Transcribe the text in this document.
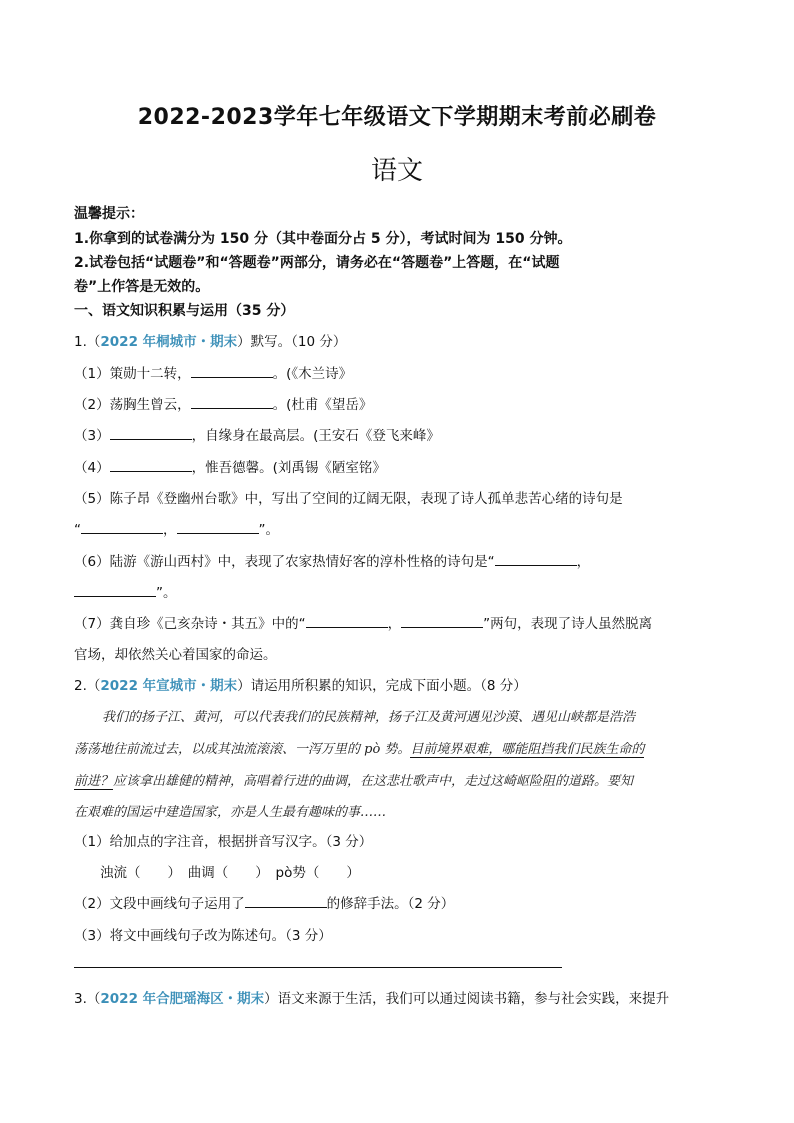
2022-2023学年七年级语文下学期期末考前必刷卷
语文
温馨提示：
1.你拿到的试卷满分为 150 分（其中卷面分占 5 分），考试时间为 150 分钟。
2.试卷包括“试题卷”和“答题卷”两部分，请务必在“答题卷”上答题，在“试题
卷”上作答是无效的。
一、语文知识积累与运用（35 分）
1.（2022 年桐城市・期末）默写。（10 分）
（1）策勋十二转，	。(《木兰诗》
（2）荡胸生曾云，	。(杜甫《望岳》
（3）	，自缘身在最高层。(王安石《登飞来峰》
（4）	，惟吾德馨。(刘禹锡《陋室铭》
（5）陈子昂《登幽州台歌》中，写出了空间的辽阔无限，表现了诗人孤单悲苦心绪的诗句是
“	，	”。
（6）陆游《游山西村》中，表现了农家热情好客的淳朴性格的诗句是“	，
”。
（7）龚自珍《己亥杂诗・其五》中的“	，	”两句，表现了诗人虽然脱离
官场，却依然关心着国家的命运。
2.（2022 年宣城市・期末）请运用所积累的知识，完成下面小题。（8 分）
我们的扬子江、黄河，可以代表我们的民族精神，扬子江及黄河遇见沙漠、遇见山峡都是浩浩
荡荡地往前流过去，以成其浊流滚滚、一泻万里的 pò 势。目前境界艰难，哪能阻挡我们民族生命的
前进？应该拿出雄健的精神，高唱着行进的曲调，在这悲壮歌声中，走过这崎岖险阻的道路。要知
在艰难的国运中建造国家，亦是人生最有趣味的事……
（1）给加点的字注音，根据拼音写汉字。（3 分）
浊流（　　）　曲调（　　）　pò势（　　）
（2）文段中画线句子运用了	的修辞手法。（2 分）
（3）将文中画线句子改为陈述句。（3 分）
3.（2022 年合肥瑶海区・期末）语文来源于生活，我们可以通过阅读书籍，参与社会实践，来提升
